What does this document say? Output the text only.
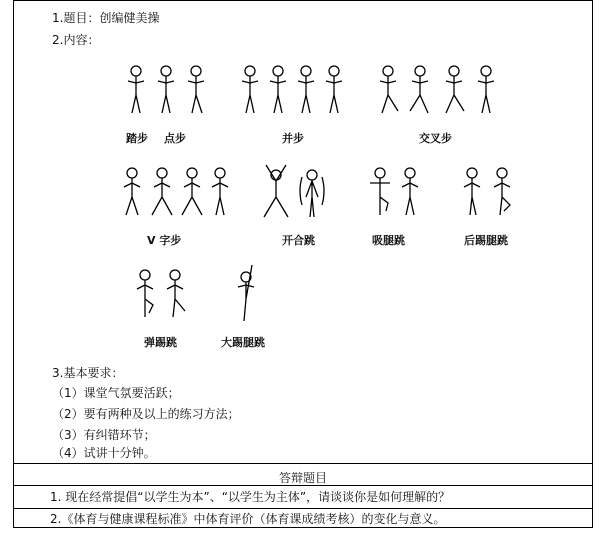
1.题目：创编健美操
2.内容：
踏步 点步	并步	交叉步
V 字步	开合跳	吸腿跳	后踢腿跳
弹踢跳	大踢腿跳
3.基本要求：
（1）课堂气氛要活跃；
（2）要有两种及以上的练习方法；
（3）有纠错环节；
（4）试讲十分钟。
答辩题目
1. 现在经常提倡“以学生为本”、“以学生为主体”，请谈谈你是如何理解的？
2.《体育与健康课程标准》中体育评价（体育课成绩考核）的变化与意义。
